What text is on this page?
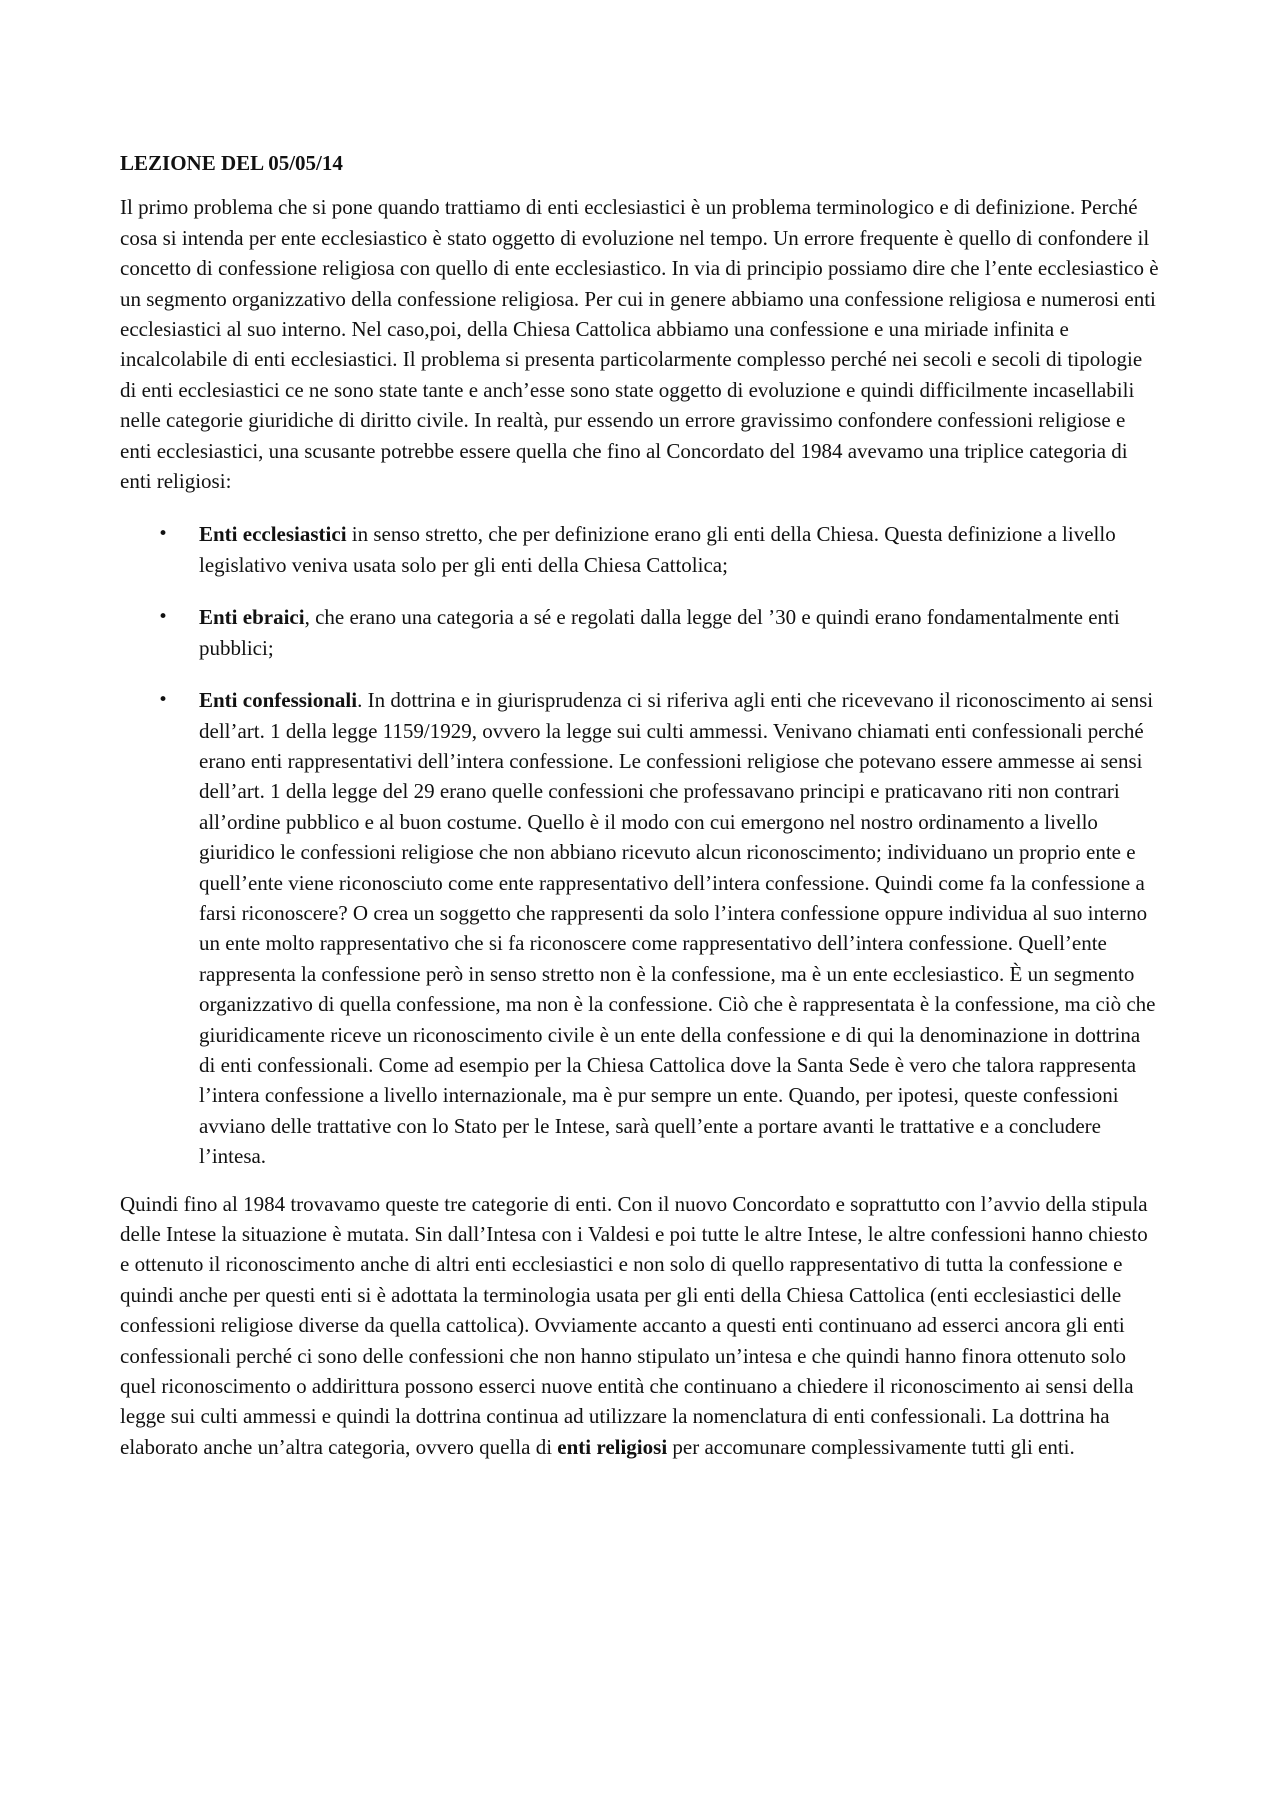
LEZIONE DEL 05/05/14

Il primo problema che si pone quando trattiamo di enti ecclesiastici è un problema terminologico e di definizione. Perché cosa si intenda per ente ecclesiastico è stato oggetto di evoluzione nel tempo. Un errore frequente è quello di confondere il concetto di confessione religiosa con quello di ente ecclesiastico. In via di principio possiamo dire che l’ente ecclesiastico è un segmento organizzativo della confessione religiosa. Per cui in genere abbiamo una confessione religiosa e numerosi enti ecclesiastici al suo interno. Nel caso,poi, della Chiesa Cattolica abbiamo una confessione e una miriade infinita e incalcolabile di enti ecclesiastici. Il problema si presenta particolarmente complesso perché nei secoli e secoli di tipologie di enti ecclesiastici ce ne sono state tante e anch’esse sono state oggetto di evoluzione e quindi difficilmente incasellabili nelle categorie giuridiche di diritto civile. In realtà, pur essendo un errore gravissimo confondere confessioni religiose e enti ecclesiastici, una scusante potrebbe essere quella che fino al Concordato del 1984 avevamo una triplice categoria di enti religiosi:

• Enti ecclesiastici in senso stretto, che per definizione erano gli enti della Chiesa. Questa definizione a livello legislativo veniva usata solo per gli enti della Chiesa Cattolica;
• Enti ebraici, che erano una categoria a sé e regolati dalla legge del ’30 e quindi erano fondamentalmente enti pubblici;
• Enti confessionali. In dottrina e in giurisprudenza ci si riferiva agli enti che ricevevano il riconoscimento ai sensi dell’art. 1 della legge 1159/1929, ovvero la legge sui culti ammessi. Venivano chiamati enti confessionali perché erano enti rappresentativi dell’intera confessione. Le confessioni religiose che potevano essere ammesse ai sensi dell’art. 1 della legge del 29 erano quelle confessioni che professavano principi e praticavano riti non contrari all’ordine pubblico e al buon costume. Quello è il modo con cui emergono nel nostro ordinamento a livello giuridico le confessioni religiose che non abbiano ricevuto alcun riconoscimento; individuano un proprio ente e quell’ente viene riconosciuto come ente rappresentativo dell’intera confessione. Quindi come fa la confessione a farsi riconoscere? O crea un soggetto che rappresenti da solo l’intera confessione oppure individua al suo interno un ente molto rappresentativo che si fa riconoscere come rappresentativo dell’intera confessione. Quell’ente rappresenta la confessione però in senso stretto non è la confessione, ma è un ente ecclesiastico. È un segmento organizzativo di quella confessione, ma non è la confessione. Ciò che è rappresentata è la confessione, ma ciò che giuridicamente riceve un riconoscimento civile è un ente della confessione e di qui la denominazione in dottrina di enti confessionali. Come ad esempio per la Chiesa Cattolica dove la Santa Sede è vero che talora rappresenta l’intera confessione a livello internazionale, ma è pur sempre un ente. Quando, per ipotesi, queste confessioni avviano delle trattative con lo Stato per le Intese, sarà quell’ente a portare avanti le trattative e a concludere l’intesa.

Quindi fino al 1984 trovavamo queste tre categorie di enti. Con il nuovo Concordato e soprattutto con l’avvio della stipula delle Intese la situazione è mutata. Sin dall’Intesa con i Valdesi e poi tutte le altre Intese, le altre confessioni hanno chiesto e ottenuto il riconoscimento anche di altri enti ecclesiastici e non solo di quello rappresentativo di tutta la confessione e quindi anche per questi enti si è adottata la terminologia usata per gli enti della Chiesa Cattolica (enti ecclesiastici delle confessioni religiose diverse da quella cattolica). Ovviamente accanto a questi enti continuano ad esserci ancora gli enti confessionali perché ci sono delle confessioni che non hanno stipulato un’intesa e che quindi hanno finora ottenuto solo quel riconoscimento o addirittura possono esserci nuove entità che continuano a chiedere il riconoscimento ai sensi della legge sui culti ammessi e quindi la dottrina continua ad utilizzare la nomenclatura di enti confessionali. La dottrina ha elaborato anche un’altra categoria, ovvero quella di enti religiosi per accomunare complessivamente tutti gli enti.
